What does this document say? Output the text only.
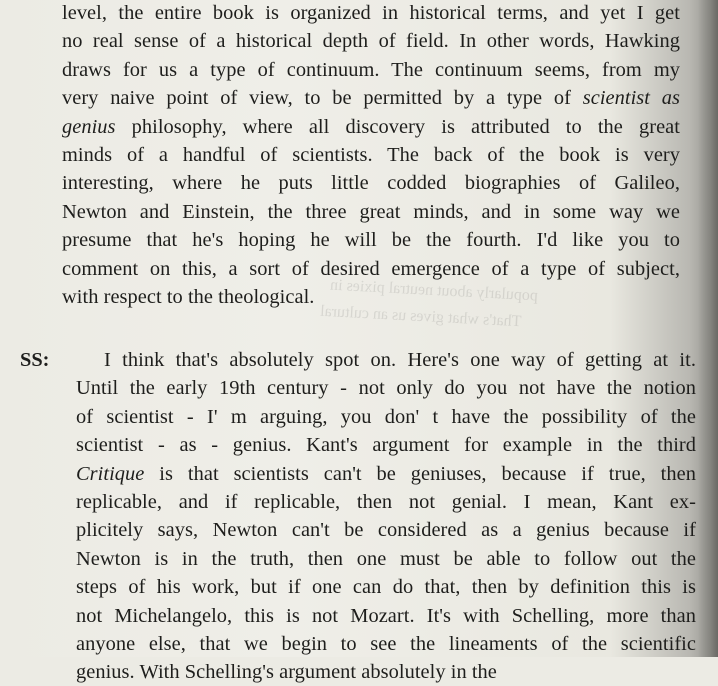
popularly about neutral pixies in
That's what gives us an cultural
level, the entire book is organized in historical terms, and yet I get
no real sense of a historical depth of field. In other words, Hawking
draws for us a type of continuum. The continuum seems, from my
very naive point of view, to be permitted by a type of scientist as
genius philosophy, where all discovery is attributed to the great
minds of a handful of scientists. The back of the book is very
interesting, where he puts little codded biographies of Galileo,
Newton and Einstein, the three great minds, and in some way we
presume that he's hoping he will be the fourth. I'd like you to
comment on this, a sort of desired emergence of a type of subject,
with respect to the theological.
SS:	I think that's absolutely spot on. Here's one way of getting at it.
Until the early 19th century - not only do you not have the notion
of scientist - I' m arguing, you don' t have the possibility of the
scientist - as - genius. Kant's argument for example in the third
Critique is that scientists can't be geniuses, because if true, then
replicable, and if replicable, then not genial. I mean, Kant ex-
plicitely says, Newton can't be considered as a genius because if
Newton is in the truth, then one must be able to follow out the
steps of his work, but if one can do that, then by definition this is
not Michelangelo, this is not Mozart. It's with Schelling, more than
anyone else, that we begin to see the lineaments of the scientific
genius. With Schelling's argument absolutely in the
